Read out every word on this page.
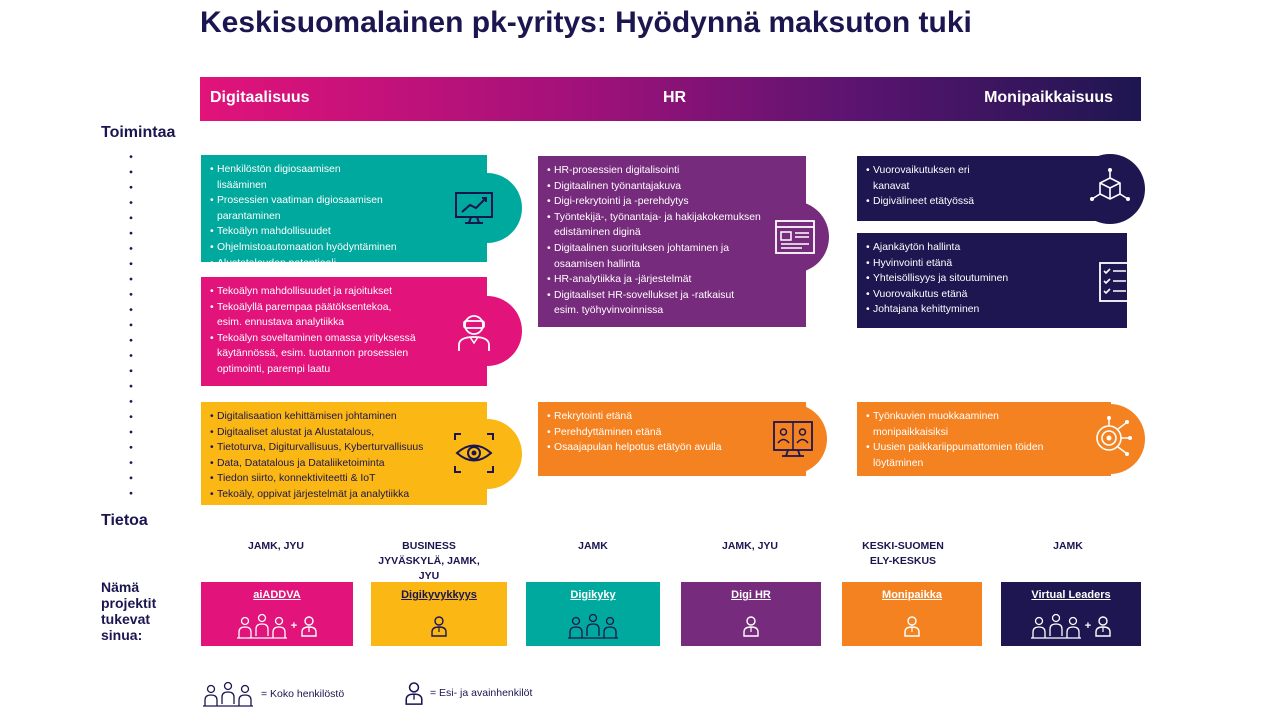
Keskisuomalainen pk-yritys: Hyödynnä maksuton tuki
Digitaalisuus	HR	Monipaikkaisuus
Toimintaa
Tietoa
• Henkilöstön digiosaamisen lisääminen
• Prosessien vaatiman digiosaamisen parantaminen
• Tekoälyn mahdollisuudet
• Ohjelmistoautomaation hyödyntäminen
• Alustatalouden potentiaali
• Tekoälyn mahdollisuudet ja rajoitukset
• Tekoälyllä parempaa päätöksentekoa, esim. ennustava analytiikka
• Tekoälyn soveltaminen omassa yrityksessä käytännössä, esim. tuotannon prosessien optimointi, parempi laatu
• Digitalisaation kehittämisen johtaminen
• Digitaaliset alustat ja Alustatalous,
• Tietoturva, Digiturvallisuus, Kyberturvallisuus
• Data, Datatalous ja Dataliiketoiminta
• Tiedon siirto, konnektiviteetti & IoT
• Tekoäly, oppivat järjestelmät ja analytiikka
• HR-prosessien digitalisointi
• Digitaalinen työnantajakuva
• Digi-rekrytointi ja -perehdytys
• Työntekijä-, työnantaja- ja hakijakokemuksen edistäminen diginä
• Digitaalinen suorituksen johtaminen ja osaamisen hallinta
• HR-analytiikka ja -järjestelmät
• Digitaaliset HR-sovellukset ja -ratkaisut esim. työhyvinvoinnissa
• Rekrytointi etänä
• Perehdyttäminen etänä
• Osaajapulan helpotus etätyön avulla
• Vuorovaikutuksen eri kanavat
• Digivälineet etätyössä
• Ajankäytön hallinta
• Hyvinvointi etänä
• Yhteisöllisyys ja sitoutuminen
• Vuorovaikutus etänä
• Johtajana kehittyminen
• Työnkuvien muokkaaminen monipaikkaisiksi
• Uusien paikkariippumattomien töiden löytäminen
JAMK, JYU	BUSINESS JYVÄSKYLÄ, JAMK, JYU
JAMK	JAMK, JYU	KESKI-SUOMEN ELY-KESKUS
JAMK
Nämä
projektit
tukevat
sinua:
aiADDVA
+
Digikyvykkyys	Digikyky	Digi HR	Monipaikka	Virtual Leaders
+
= Koko henkilöstö	= Esi- ja avainhenkilöt
